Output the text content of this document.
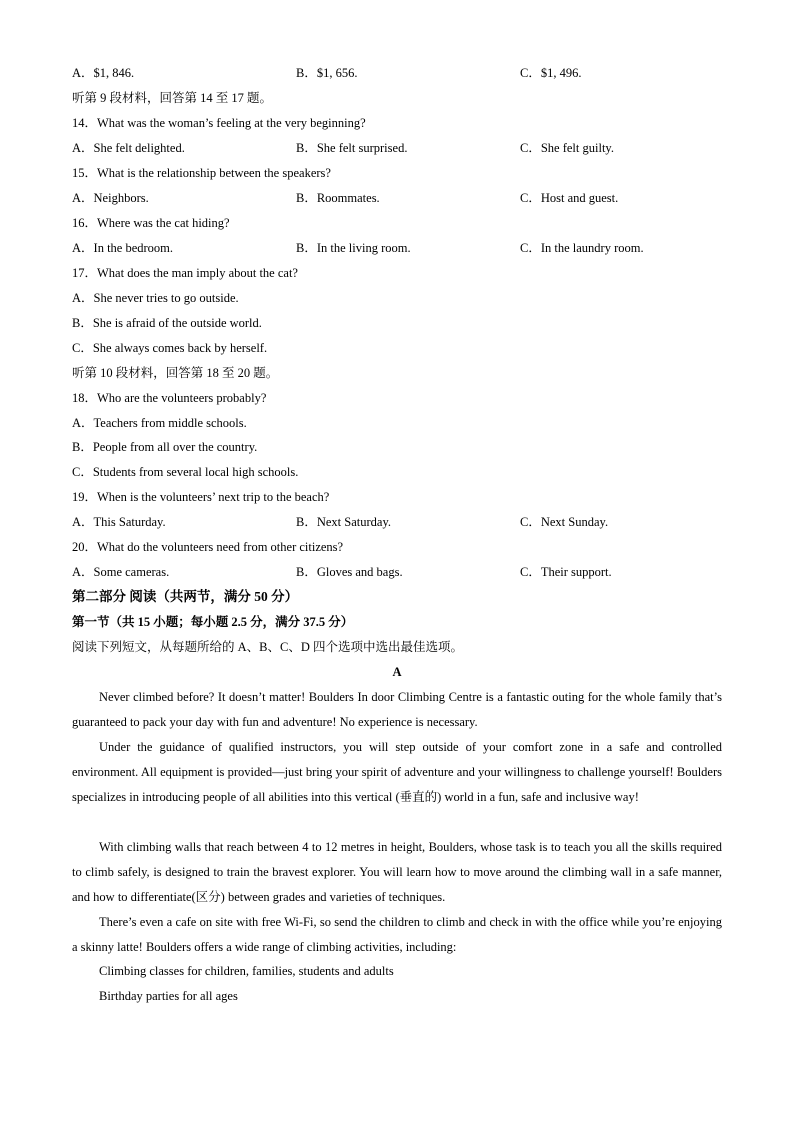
A．$1, 846.	B．$1, 656.	C．$1, 496.
听第 9 段材料，回答第 14 至 17 题。
14．What was the woman’s feeling at the very beginning?
A．She felt delighted.	B．She felt surprised.	C．She felt guilty.
15．What is the relationship between the speakers?
A．Neighbors.	B．Roommates.	C．Host and guest.
16．Where was the cat hiding?
A．In the bedroom.	B．In the living room.	C．In the laundry room.
17．What does the man imply about the cat?
A．She never tries to go outside.
B．She is afraid of the outside world.
C．She always comes back by herself.
听第 10 段材料，回答第 18 至 20 题。
18．Who are the volunteers probably?
A．Teachers from middle schools.
B．People from all over the country.
C．Students from several local high schools.
19．When is the volunteers’ next trip to the beach?
A．This Saturday.	B．Next Saturday.	C．Next Sunday.
20．What do the volunteers need from other citizens?
A．Some cameras.	B．Gloves and bags.	C．Their support.
第二部分 阅读（共两节，满分 50 分）
第一节（共 15 小题；每小题 2.5 分，满分 37.5 分）
阅读下列短文，从每题所给的 A、B、C、D 四个选项中选出最佳选项。
A
Never climbed before? It doesn’t matter! Boulders In door Climbing Centre is a fantastic outing for the whole family that’s guaranteed to pack your day with fun and adventure! No experience is necessary.
Under the guidance of qualified instructors, you will step outside of your comfort zone in a safe and controlled environment. All equipment is provided—just bring your spirit of adventure and your willingness to challenge yourself! Boulders specializes in introducing people of all abilities into this vertical (垂直的) world in a fun, safe and inclusive way!
With climbing walls that reach between 4 to 12 metres in height, Boulders, whose task is to teach you all the skills required to climb safely, is designed to train the bravest explorer. You will learn how to move around the climbing wall in a safe manner, and how to differentiate(区分) between grades and varieties of techniques.
There’s even a cafe on site with free Wi-Fi, so send the children to climb and check in with the office while you’re enjoying a skinny latte! Boulders offers a wide range of climbing activities, including:
Climbing classes for children, families, students and adults
Birthday parties for all ages
